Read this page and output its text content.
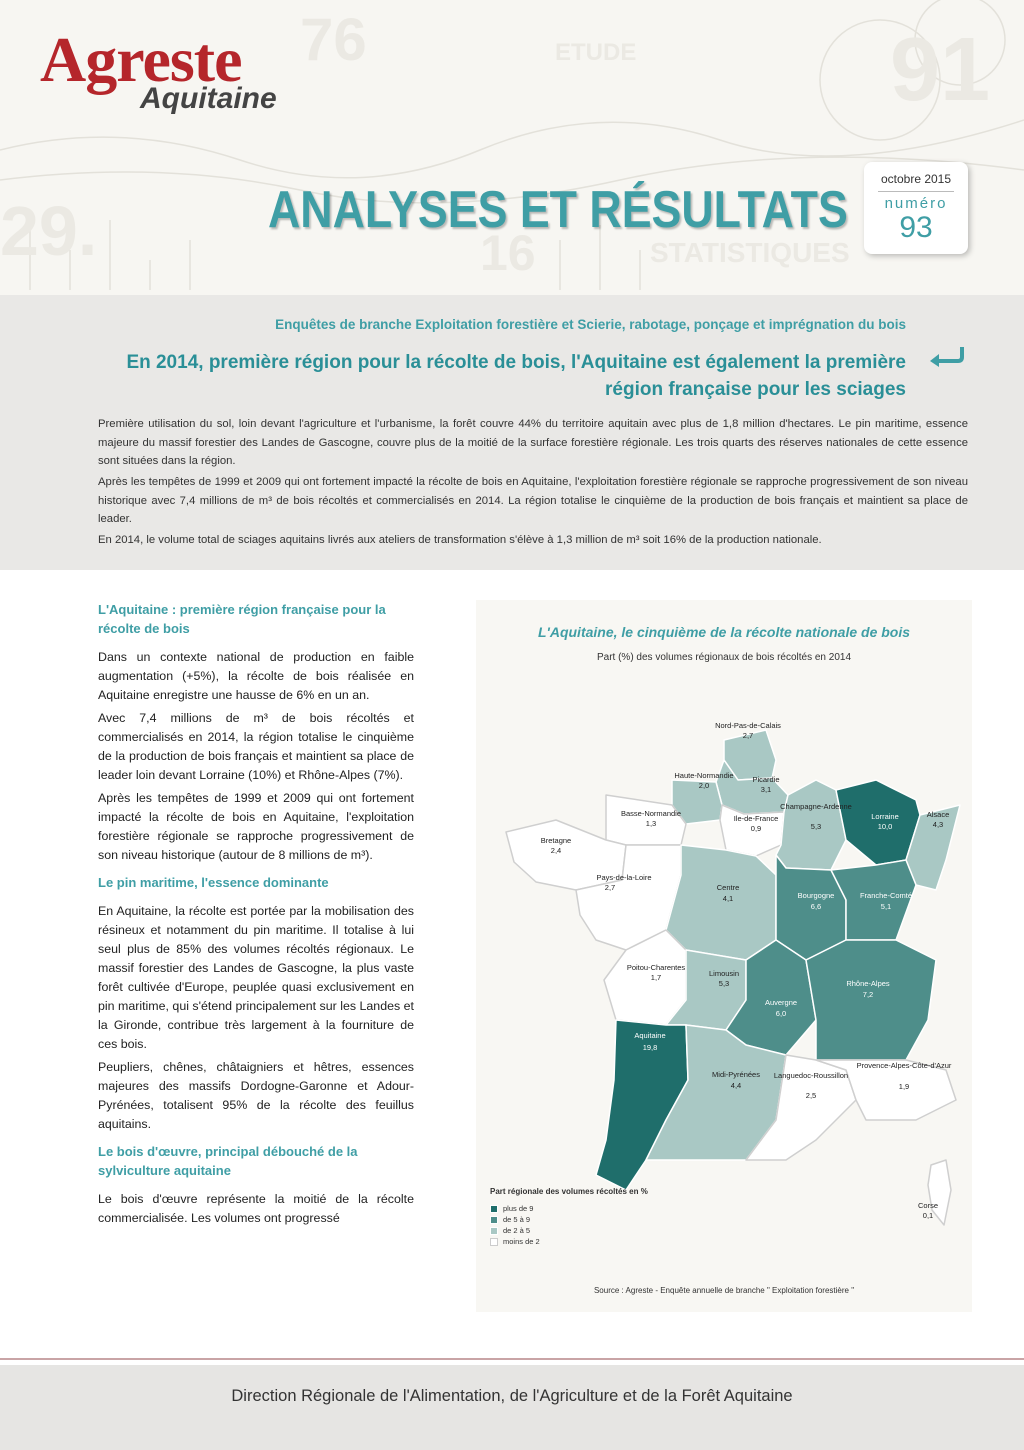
76
29.	16
91
ETUDE
STATISTIQUES
Agreste
Aquitaine
ANALYSES ET RÉSULTATS
octobre 2015
numéro
93
Enquêtes de branche Exploitation forestière et Scierie, rabotage, ponçage et imprégnation du bois
En 2014, première région pour la récolte de bois, l'Aquitaine est également la première région française pour les sciages

Première utilisation du sol, loin devant l'agriculture et l'urbanisme, la forêt couvre 44% du territoire aquitain avec plus de 1,8 million d'hectares. Le pin maritime, essence majeure du massif forestier des Landes de Gascogne, couvre plus de la moitié de la surface forestière régionale. Les trois quarts des réserves nationales de cette essence sont situées dans la région.

Après les tempêtes de 1999 et 2009 qui ont fortement impacté la récolte de bois en Aquitaine, l'exploitation forestière régionale se rapproche progressivement de son niveau historique avec 7,4 millions de m³ de bois récoltés et commercialisés en 2014. La région totalise le cinquième de la production de bois français et maintient sa place de leader.

En 2014, le volume total de sciages aquitains livrés aux ateliers de transformation s'élève à 1,3 million de m³ soit 16% de la production nationale.

L'Aquitaine : première région française pour la récolte de bois

Dans un contexte national de production en faible augmentation (+5%), la récolte de bois réalisée en Aquitaine enregistre une hausse de 6% en un an.

Avec 7,4 millions de m³ de bois récoltés et commercialisés en 2014, la région totalise le cinquième de la production de bois français et maintient sa place de leader loin devant Lorraine (10%) et Rhône-Alpes (7%).

Après les tempêtes de 1999 et 2009 qui ont fortement impacté la récolte de bois en Aquitaine, l'exploitation forestière régionale se rapproche progressivement de son niveau historique (autour de 8 millions de m³).

Le pin maritime, l'essence dominante

En Aquitaine, la récolte est portée par la mobilisation des résineux et notamment du pin maritime. Il totalise à lui seul plus de 85% des volumes récoltés régionaux. Le massif forestier des Landes de Gascogne, la plus vaste forêt cultivée d'Europe, peuplée quasi exclusivement en pin maritime, qui s'étend principalement sur les Landes et la Gironde, contribue très largement à la fourniture de ces bois.

Peupliers, chênes, châtaigniers et hêtres, essences majeures des massifs Dordogne-Garonne et Adour-Pyrénées, totalisent 95% de la récolte des feuillus aquitains.

Le bois d'œuvre, principal débouché de la sylviculture aquitaine

Le bois d'œuvre représente la moitié de la récolte commercialisée. Les volumes ont progressé

Nord-Pas-de-Calais
2,7
Picardie
3,1
Haute-Normandie
2,0
Basse-Normandie
1,3
Bretagne
2,4
Ile-de-France
0,9
Champagne-Ardenne
5,3
Lorraine
10,0
Alsace
4,3
Pays-de-la-Loire
2,7	Centre
4,1	Bourgogne
6,6
Franche-Comté
5,1
Poitou-Charentes
1,7	Limousin
5,3
Auvergne
6,0
Rhône-Alpes
7,2
Aquitaine
19,8
Midi-Pyrénées
4,4
Languedoc-Roussillon
2,5
Provence-Alpes-Côte-d'Azur
1,9
Corse
0,1
L'Aquitaine, le cinquième de la récolte nationale de bois
Part (%) des volumes régionaux de bois récoltés en 2014
Part régionale des volumes récoltés en %
plus de 9
de 5 à 9
de 2 à 5
moins de 2
Source : Agreste - Enquête annuelle de branche " Exploitation forestière "
Direction Régionale de l'Alimentation, de l'Agriculture et de la Forêt Aquitaine
